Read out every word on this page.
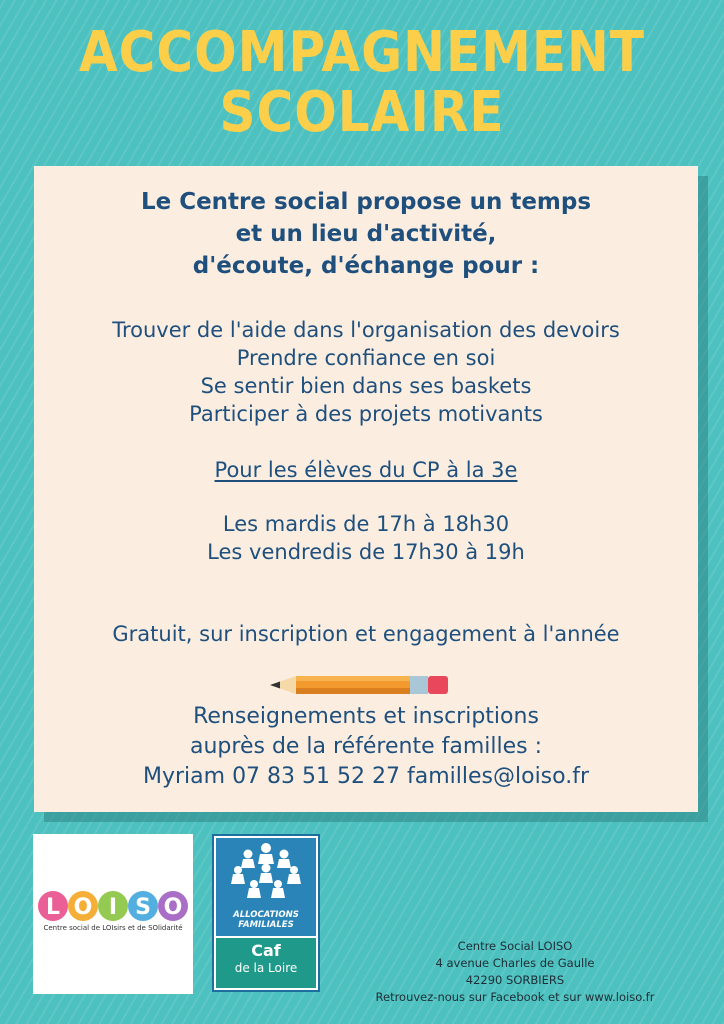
ACCOMPAGNEMENT
SCOLAIRE
Le Centre social propose un temps
et un lieu d'activité,
d'écoute, d'échange pour :
Trouver de l'aide dans l'organisation des devoirs
Prendre confiance en soi
Se sentir bien dans ses baskets
Participer à des projets motivants
Pour les élèves du CP à la 3e
Les mardis de 17h à 18h30
Les vendredis de 17h30 à 19h
Gratuit, sur inscription et engagement à l'année
Renseignements et inscriptions
auprès de la référente familles :
Myriam 07 83 51 52 27 familles@loiso.fr
L O I S O
Centre social de LOIsirs et de SOlidarité
ALLOCATIONS
FAMILIALES
Caf
de la Loire
Centre Social LOISO
4 avenue Charles de Gaulle
42290 SORBIERS
Retrouvez-nous sur Facebook et sur www.loiso.fr
